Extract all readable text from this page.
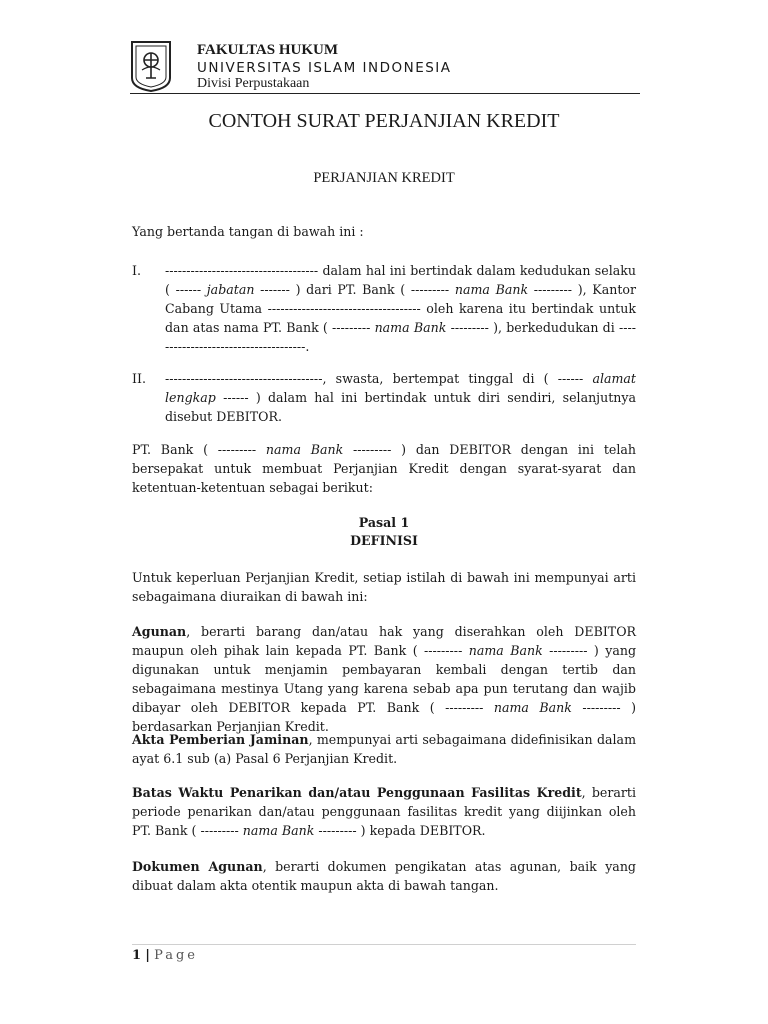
FAKULTAS HUKUM
UNIVERSITAS ISLAM INDONESIA
Divisi Perpustakaan
CONTOH SURAT PERJANJIAN KREDIT
PERJANJIAN KREDIT
Yang bertanda tangan di bawah ini :
I. ------------------------------------ dalam hal ini bertindak dalam kedudukan selaku ( ------ jabatan ------- ) dari PT. Bank ( --------- nama Bank --------- ), Kantor Cabang Utama ------------------------------------ oleh karena itu bertindak untuk dan atas nama PT. Bank ( --------- nama Bank --------- ), berkedudukan di -------------------------------------.
II. -------------------------------------, swasta, bertempat tinggal di ( ------ alamat lengkap ------ ) dalam hal ini bertindak untuk diri sendiri, selanjutnya disebut DEBITOR.
PT. Bank ( --------- nama Bank --------- ) dan DEBITOR dengan ini telah bersepakat untuk membuat Perjanjian Kredit dengan syarat-syarat dan ketentuan-ketentuan sebagai berikut:
Pasal 1
DEFINISI
Untuk keperluan Perjanjian Kredit, setiap istilah di bawah ini mempunyai arti sebagaimana diuraikan di bawah ini:
Agunan, berarti barang dan/atau hak yang diserahkan oleh DEBITOR maupun oleh pihak lain kepada PT. Bank ( --------- nama Bank --------- ) yang digunakan untuk menjamin pembayaran kembali dengan tertib dan sebagaimana mestinya Utang yang karena sebab apa pun terutang dan wajib dibayar oleh DEBITOR kepada PT. Bank ( --------- nama Bank --------- ) berdasarkan Perjanjian Kredit.
Akta Pemberian Jaminan, mempunyai arti sebagaimana didefinisikan dalam ayat 6.1 sub (a) Pasal 6 Perjanjian Kredit.
Batas Waktu Penarikan dan/atau Penggunaan Fasilitas Kredit, berarti periode penarikan dan/atau penggunaan fasilitas kredit yang diijinkan oleh PT. Bank ( --------- nama Bank --------- ) kepada DEBITOR.
Dokumen Agunan, berarti dokumen pengikatan atas agunan, baik yang dibuat dalam akta otentik maupun akta di bawah tangan.
1 | Page
